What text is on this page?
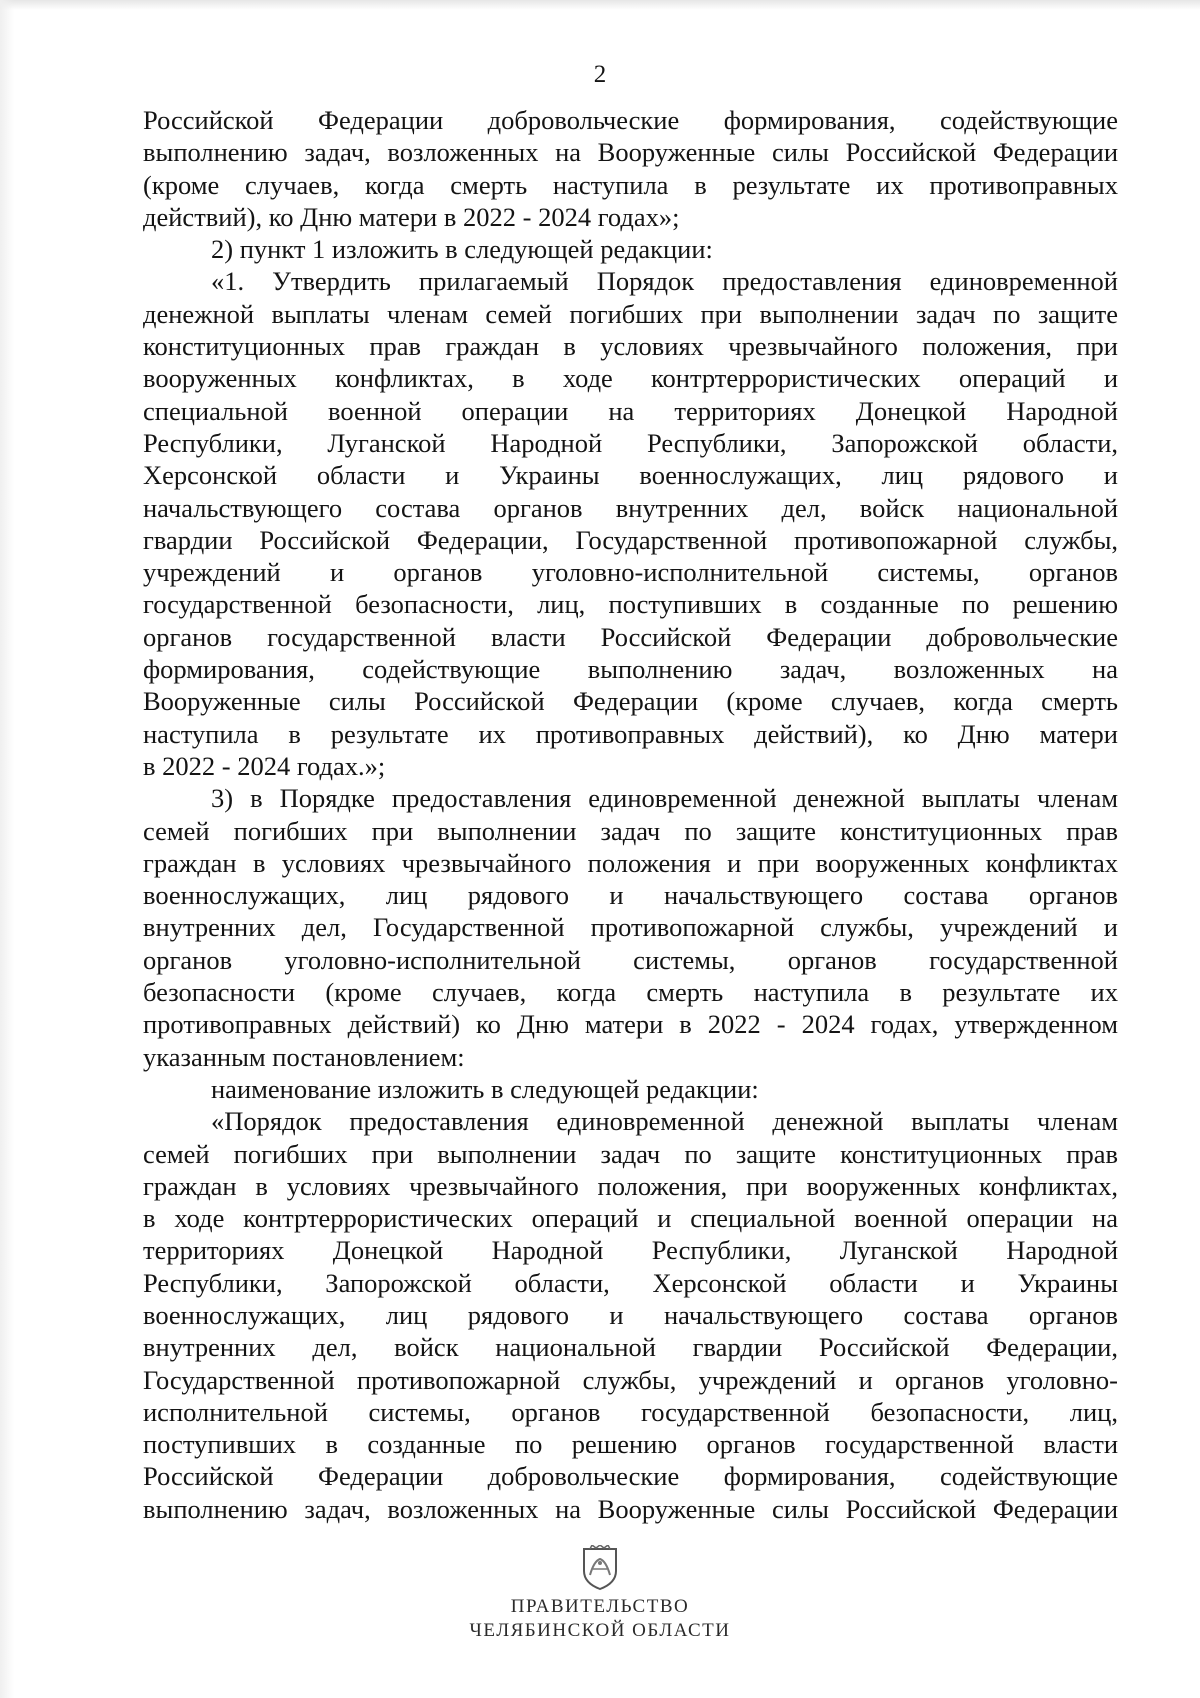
2
Российской Федерации добровольческие формирования, содействующие
выполнению задач, возложенных на Вооруженные силы Российской Федерации
(кроме случаев, когда смерть наступила в результате их противоправных
действий), ко Дню матери в 2022 - 2024 годах»;
2) пункт 1 изложить в следующей редакции:
«1. Утвердить прилагаемый Порядок предоставления единовременной
денежной выплаты членам семей погибших при выполнении задач по защите
конституционных прав граждан в условиях чрезвычайного положения, при
вооруженных конфликтах, в ходе контртеррористических операций и
специальной военной операции на территориях Донецкой Народной
Республики, Луганской Народной Республики, Запорожской области,
Херсонской области и Украины военнослужащих, лиц рядового и
начальствующего состава органов внутренних дел, войск национальной
гвардии Российской Федерации, Государственной противопожарной службы,
учреждений и органов уголовно-исполнительной системы, органов
государственной безопасности, лиц, поступивших в созданные по решению
органов государственной власти Российской Федерации добровольческие
формирования, содействующие выполнению задач, возложенных на
Вооруженные силы Российской Федерации (кроме случаев, когда смерть
наступила в результате их противоправных действий), ко Дню матери
в 2022 - 2024 годах.»;
3) в Порядке предоставления единовременной денежной выплаты членам
семей погибших при выполнении задач по защите конституционных прав
граждан в условиях чрезвычайного положения и при вооруженных конфликтах
военнослужащих, лиц рядового и начальствующего состава органов
внутренних дел, Государственной противопожарной службы, учреждений и
органов уголовно-исполнительной системы, органов государственной
безопасности (кроме случаев, когда смерть наступила в результате их
противоправных действий) ко Дню матери в 2022 - 2024 годах, утвержденном
указанным постановлением:
наименование изложить в следующей редакции:
«Порядок предоставления единовременной денежной выплаты членам
семей погибших при выполнении задач по защите конституционных прав
граждан в условиях чрезвычайного положения, при вооруженных конфликтах,
в ходе контртеррористических операций и специальной военной операции на
территориях Донецкой Народной Республики, Луганской Народной
Республики, Запорожской области, Херсонской области и Украины
военнослужащих, лиц рядового и начальствующего состава органов
внутренних дел, войск национальной гвардии Российской Федерации,
Государственной противопожарной службы, учреждений и органов уголовно-
исполнительной системы, органов государственной безопасности, лиц,
поступивших в созданные по решению органов государственной власти
Российской Федерации добровольческие формирования, содействующие
выполнению задач, возложенных на Вооруженные силы Российской Федерации
ПРАВИТЕЛЬСТВО
ЧЕЛЯБИНСКОЙ ОБЛАСТИ
